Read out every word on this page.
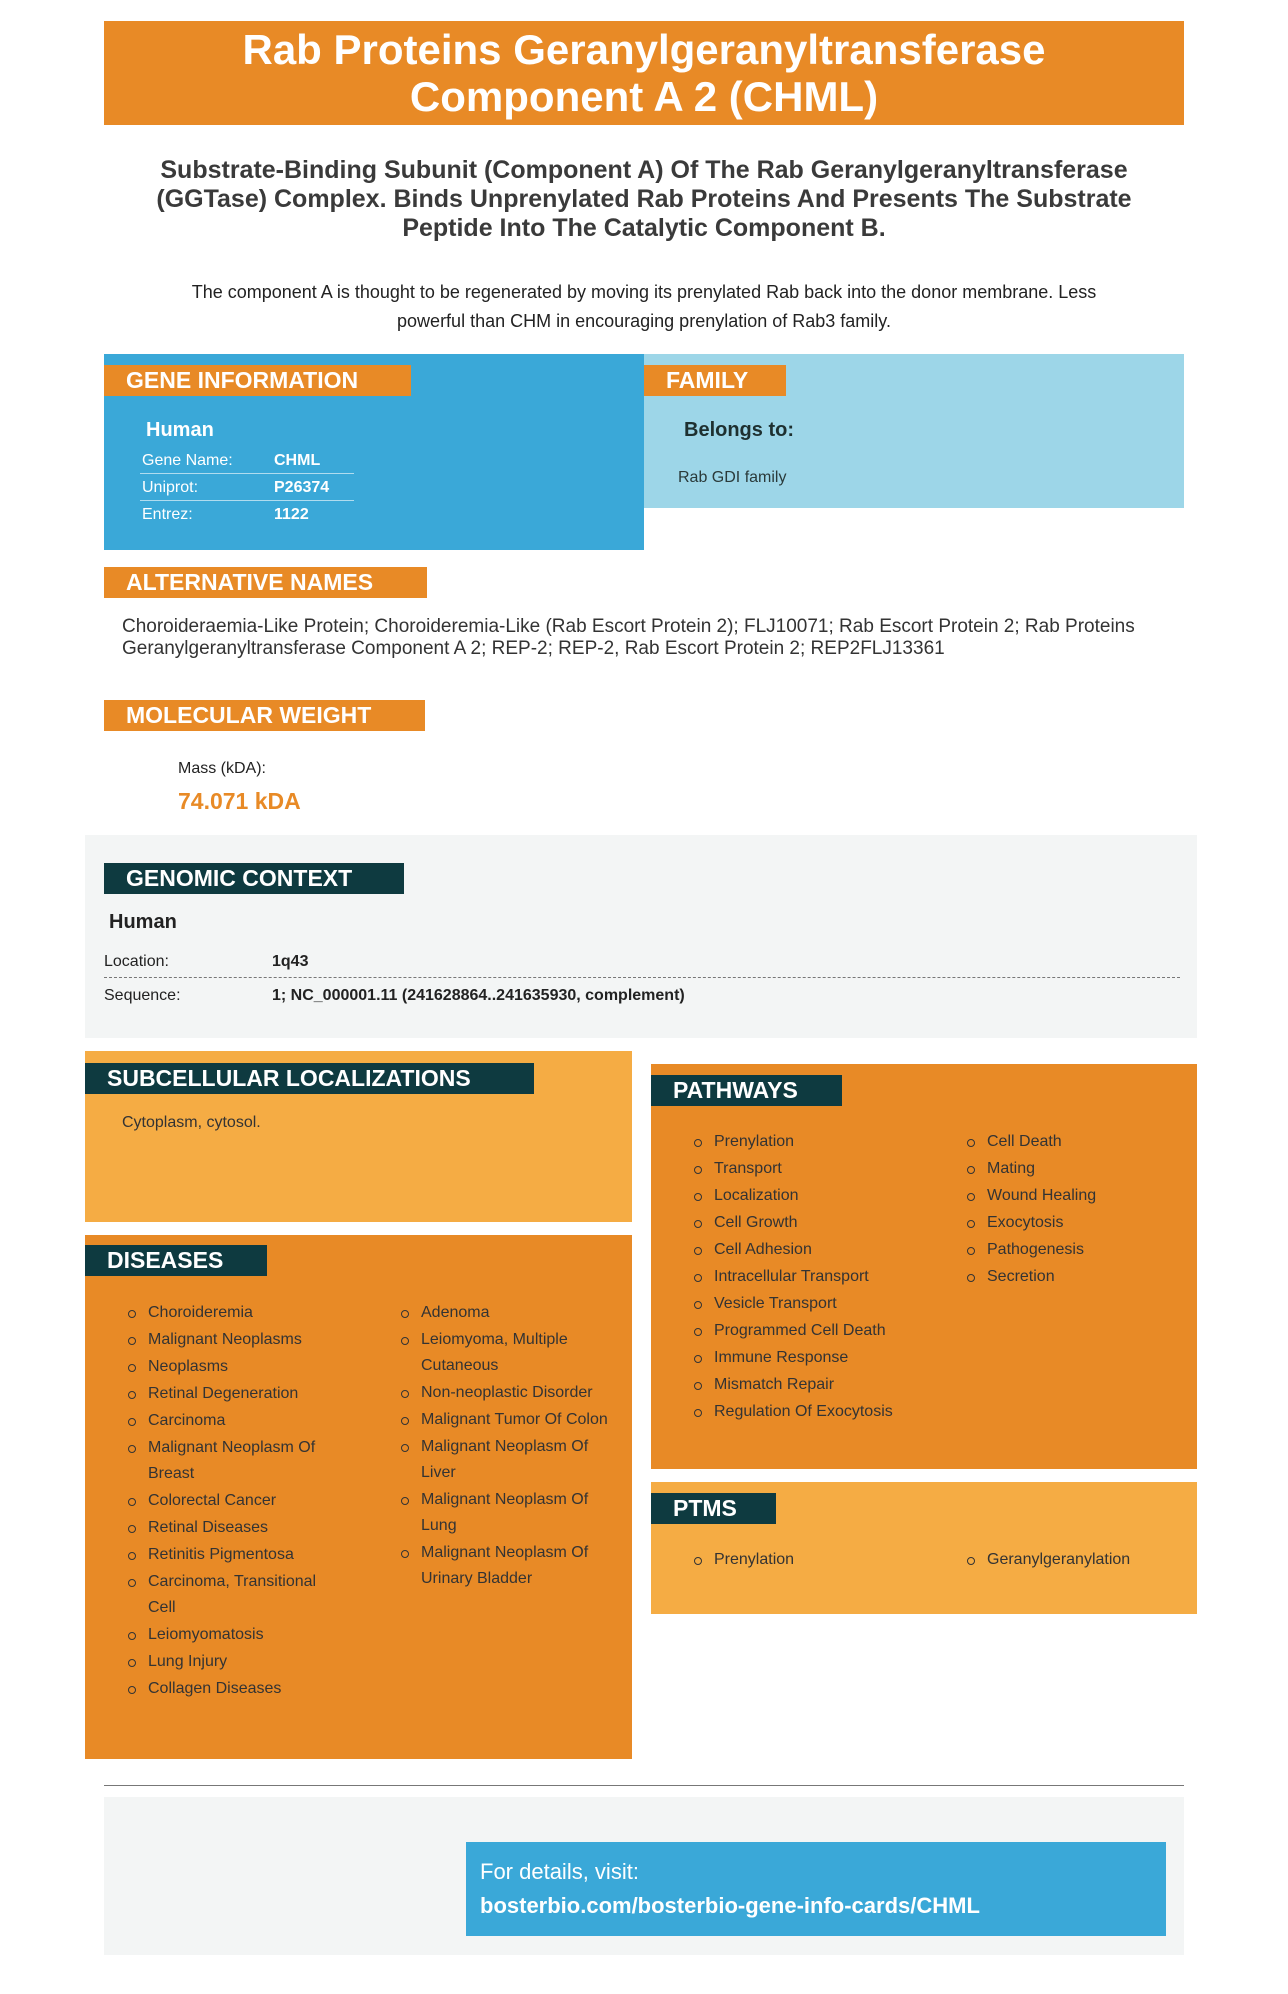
Rab Proteins Geranylgeranyltransferase Component A 2 (CHML)
Substrate-Binding Subunit (Component A) Of The Rab Geranylgeranyltransferase (GGTase) Complex. Binds Unprenylated Rab Proteins And Presents The Substrate Peptide Into The Catalytic Component B.
The component A is thought to be regenerated by moving its prenylated Rab back into the donor membrane. Less powerful than CHM in encouraging prenylation of Rab3 family.
GENE INFORMATION	FAMILY
Human
Gene Name:	CHML
Uniprot:	P26374
Entrez:	1122
Belongs to:
Rab GDI family
ALTERNATIVE NAMES
Choroideraemia-Like Protein; Choroideremia-Like (Rab Escort Protein 2); FLJ10071; Rab Escort Protein 2; Rab Proteins Geranylgeranyltransferase Component A 2; REP-2; REP-2, Rab Escort Protein 2; REP2FLJ13361
MOLECULAR WEIGHT
Mass (kDA):
74.071 kDA
GENOMIC CONTEXT
Human
Location:	1q43
Sequence:	1; NC_000001.11 (241628864..241635930, complement)
SUBCELLULAR LOCALIZATIONS
Cytoplasm, cytosol.
DISEASES
Choroideremia
Malignant Neoplasms
Neoplasms
Retinal Degeneration
Carcinoma
Malignant Neoplasm Of Breast
Colorectal Cancer
Retinal Diseases
Retinitis Pigmentosa
Carcinoma, Transitional Cell
Leiomyomatosis
Lung Injury
Collagen Diseases
Adenoma
Leiomyoma, Multiple Cutaneous
Non-neoplastic Disorder
Malignant Tumor Of Colon
Malignant Neoplasm Of Liver
Malignant Neoplasm Of Lung
Malignant Neoplasm Of Urinary Bladder
PATHWAYS
Prenylation
Transport
Localization
Cell Growth
Cell Adhesion
Intracellular Transport
Vesicle Transport
Programmed Cell Death
Immune Response
Mismatch Repair
Regulation Of Exocytosis
Cell Death
Mating
Wound Healing
Exocytosis
Pathogenesis
Secretion
PTMS
Prenylation	Geranylgeranylation
For details, visit:
bosterbio.com/bosterbio-gene-info-cards/CHML
